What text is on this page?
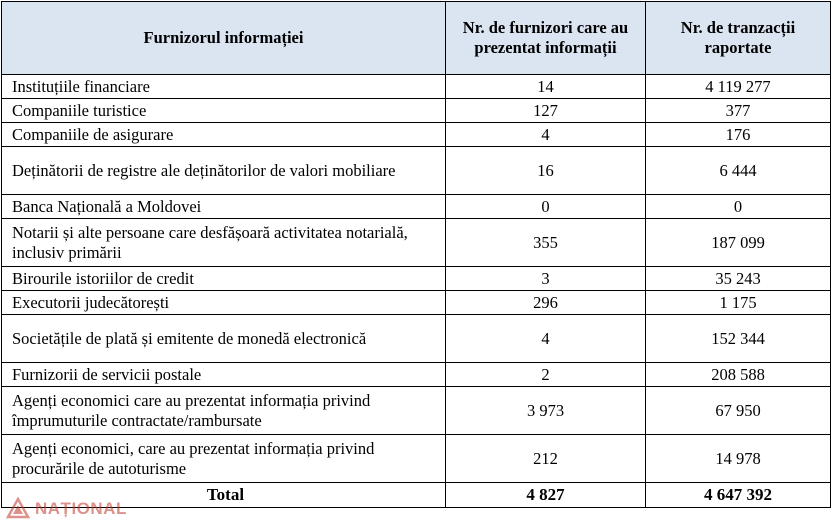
Furnizorul informației	Nr. de furnizori care au prezentat informații	Nr. de tranzacții raportate
Instituțiile financiare	14	4 119 277
Companiile turistice	127	377
Companiile de asigurare	4	176
Deținătorii de registre ale deținătorilor de valori mobiliare	16	6 444
Banca Națională a Moldovei	0	0
Notarii și alte persoane care desfășoară activitatea notarială, inclusiv primării	355	187 099
Birourile istoriilor de credit	3	35 243
Executorii judecătorești	296	1 175
Societățile de plată și emitente de monedă electronică	4	152 344
Furnizorii de servicii postale	2	208 588
Agenți economici care au prezentat informația privind împrumuturile contractate/rambursate	3 973	67 950
Agenți economici, care au prezentat informația privind procurările de autoturisme	212	14 978
Total	4 827	4 647 392
NAȚIONAL
